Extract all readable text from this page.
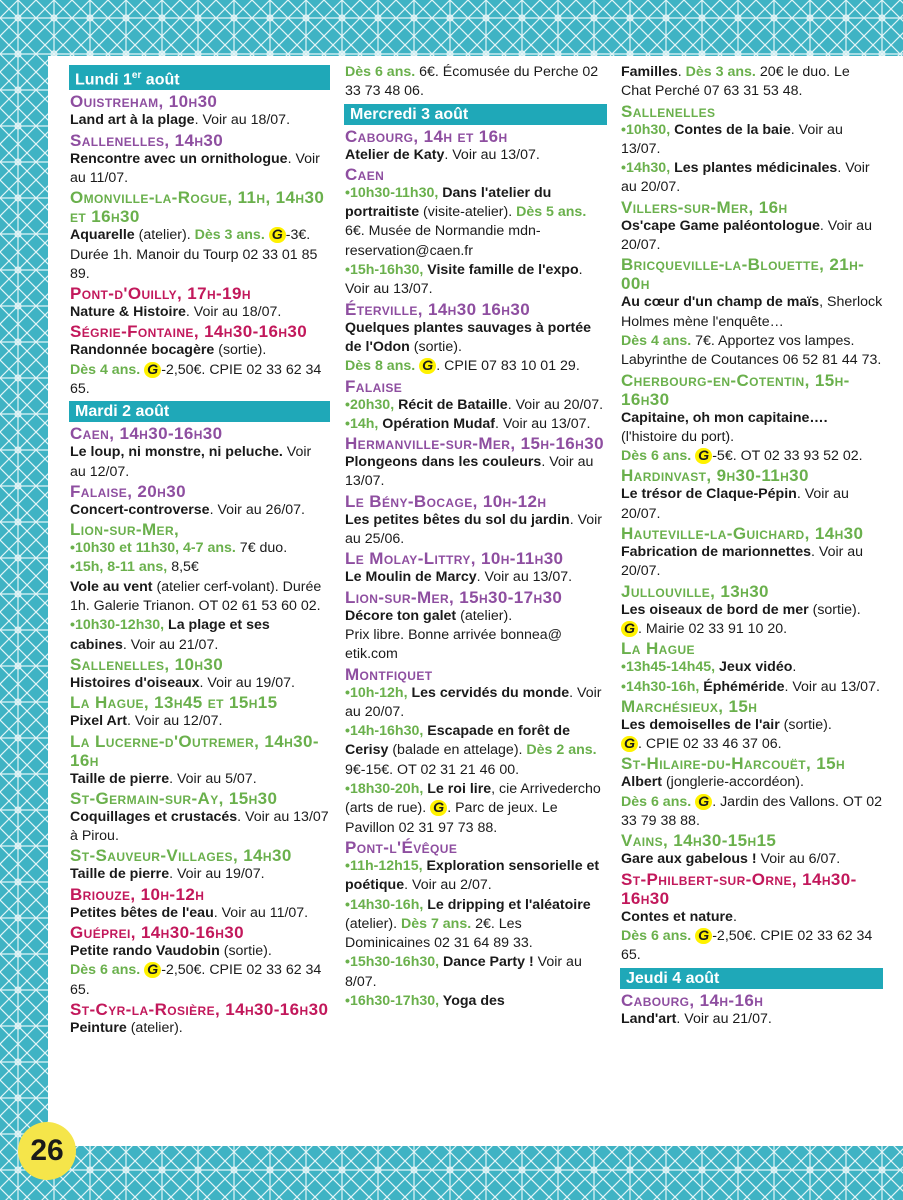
Lundi 1er août
Ouistreham, 10h30
Land art à la plage. Voir au 18/07.
Sallenelles, 14h30
Rencontre avec un ornithologue. Voir au 11/07.
Omonville-la-Rogue, 11h, 14h30 et 16h30
Aquarelle (atelier). Dès 3 ans. G -3€. Durée 1h. Manoir du Tourp 02 33 01 85 89.
Pont-d'Ouilly, 17h-19h
Nature & Histoire. Voir au 18/07.
Ségrie-Fontaine, 14h30-16h30
Randonnée bocagère (sortie).
Dès 4 ans. G -2,50€. CPIE 02 33 62 34 65.
Mardi 2 août
Caen, 14h30-16h30
Le loup, ni monstre, ni peluche. Voir au 12/07.
Falaise, 20h30
Concert-controverse. Voir au 26/07.
Lion-sur-Mer,
•10h30 et 11h30, 4-7 ans. 7€ duo.
•15h, 8-11 ans, 8,5€
Vole au vent (atelier cerf-volant). Durée 1h. Galerie Trianon. OT 02 61 53 60 02.
•10h30-12h30, La plage et ses cabines. Voir au 21/07.
Sallenelles, 10h30
Histoires d'oiseaux. Voir au 19/07.
La Hague, 13h45 et 15h15
Pixel Art. Voir au 12/07.
La Lucerne-d'Outremer, 14h30-16h
Taille de pierre. Voir au 5/07.
St-Germain-sur-Ay, 15h30
Coquillages et crustacés. Voir au 13/07 à Pirou.
St-Sauveur-Villages, 14h30
Taille de pierre. Voir au 19/07.
Briouze, 10h-12h
Petites bêtes de l'eau. Voir au 11/07.
Guéprei, 14h30-16h30
Petite rando Vaudobin (sortie).
Dès 6 ans. G -2,50€. CPIE 02 33 62 34 65.
St-Cyr-la-Rosière, 14h30-16h30
Peinture (atelier).
Dès 6 ans. 6€. Écomusée du Perche 02 33 73 48 06.
Mercredi 3 août
Cabourg, 14h et 16h
Atelier de Katy. Voir au 13/07.
Caen
•10h30-11h30, Dans l'atelier du portraitiste (visite-atelier). Dès 5 ans. 6€. Musée de Normandie mdn-reservation@caen.fr
•15h-16h30, Visite famille de l'expo. Voir au 13/07.
Éterville, 14h30 16h30
Quelques plantes sauvages à portée de l'Odon (sortie).
Dès 8 ans. G . CPIE 07 83 10 01 29.
Falaise
•20h30, Récit de Bataille. Voir au 20/07.
•14h, Opération Mudaf. Voir au 13/07.
Hermanville-sur-Mer, 15h-16h30
Plongeons dans les couleurs. Voir au 13/07.
Le Bény-Bocage, 10h-12h
Les petites bêtes du sol du jardin. Voir au 25/06.
Le Molay-Littry, 10h-11h30
Le Moulin de Marcy. Voir au 13/07.
Lion-sur-Mer, 15h30-17h30
Décore ton galet (atelier).
Prix libre. Bonne arrivée bonnea@ etik.com
Montfiquet
•10h-12h, Les cervidés du monde. Voir au 20/07.
•14h-16h30, Escapade en forêt de Cerisy (balade en attelage). Dès 2 ans. 9€-15€. OT 02 31 21 46 00.
•18h30-20h, Le roi lire, cie Arrivedercho (arts de rue). G . Parc de jeux. Le Pavillon 02 31 97 73 88.
Pont-l'Évêque
•11h-12h15, Exploration sensorielle et poétique. Voir au 2/07.
•14h30-16h, Le dripping et l'aléatoire (atelier). Dès 7 ans. 2€. Les Dominicaines 02 31 64 89 33.
•15h30-16h30, Dance Party ! Voir au 8/07.
•16h30-17h30, Yoga des
Familles. Dès 3 ans. 20€ le duo. Le Chat Perché 07 63 31 53 48.
Sallenelles
•10h30, Contes de la baie. Voir au 13/07.
•14h30, Les plantes médicinales. Voir au 20/07.
Villers-sur-Mer, 16h
Os'cape Game paléontologue. Voir au 20/07.
Bricqueville-la-Blouette, 21h-00h
Au cœur d'un champ de maïs, Sherlock Holmes mène l'enquête…
Dès 4 ans. 7€. Apportez vos lampes. Labyrinthe de Coutances 06 52 81 44 73.
Cherbourg-en-Cotentin, 15h-16h30
Capitaine, oh mon capitaine…. (l'histoire du port).
Dès 6 ans. G -5€. OT 02 33 93 52 02.
Hardinvast, 9h30-11h30
Le trésor de Claque-Pépin. Voir au 20/07.
Hauteville-la-Guichard, 14h30
Fabrication de marionnettes. Voir au 20/07.
Jullouville, 13h30
Les oiseaux de bord de mer (sortie).
G . Mairie 02 33 91 10 20.
La Hague
•13h45-14h45, Jeux vidéo.
•14h30-16h, Éphéméride. Voir au 13/07.
Marchésieux, 15h
Les demoiselles de l'air (sortie).
G . CPIE 02 33 46 37 06.
St-Hilaire-du-Harcouët, 15h
Albert (jonglerie-accordéon).
Dès 6 ans. G . Jardin des Vallons. OT 02 33 79 38 88.
Vains, 14h30-15h15
Gare aux gabelous ! Voir au 6/07.
St-Philbert-sur-Orne, 14h30-16h30
Contes et nature.
Dès 6 ans. G -2,50€. CPIE 02 33 62 34 65.
Jeudi 4 août
Cabourg, 14h-16h
Land'art. Voir au 21/07.
26
